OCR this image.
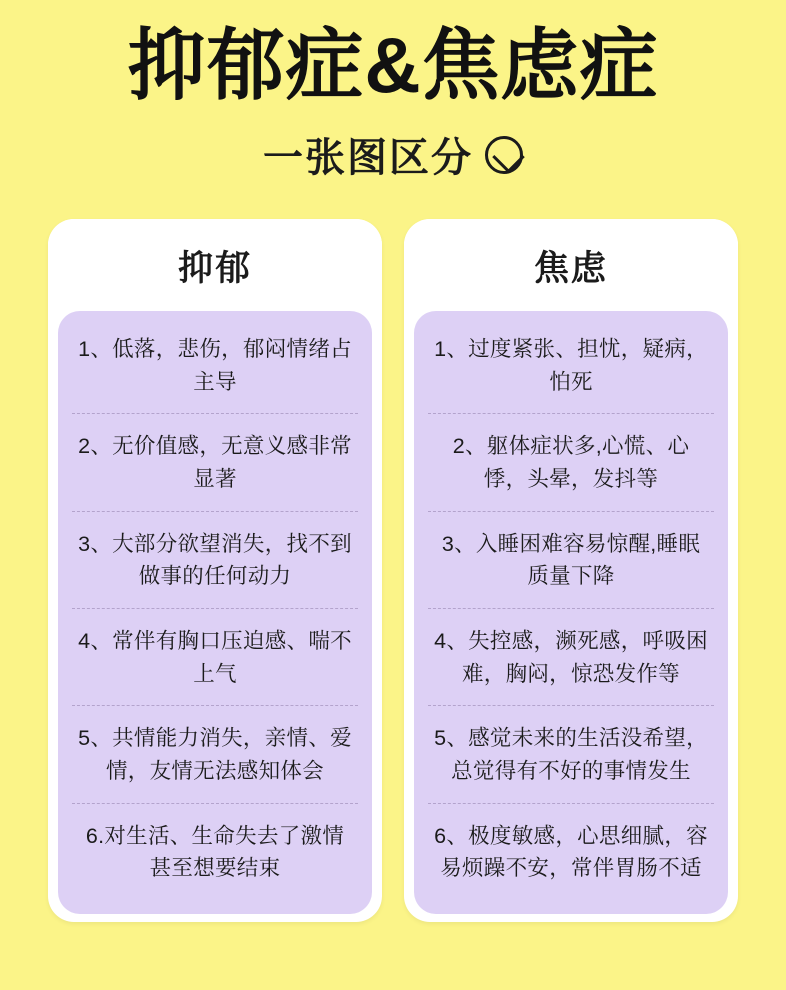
抑郁症&焦虑症
一张图区分
抑郁
1、低落，悲伤，郁闷情绪占主导
2、无价值感，无意义感非常显著
3、大部分欲望消失，找不到做事的任何动力
4、常伴有胸口压迫感、喘不上气
5、共情能力消失，亲情、爱情，友情无法感知体会
6.对生活、生命失去了激情甚至想要结束
焦虑
1、过度紧张、担忧，疑病，怕死
2、躯体症状多,心慌、心悸，头晕，发抖等
3、入睡困难容易惊醒,睡眠质量下降
4、失控感，濒死感，呼吸困难，胸闷，惊恐发作等
5、感觉未来的生活没希望，总觉得有不好的事情发生
6、极度敏感，心思细腻，容易烦躁不安，常伴胃肠不适
